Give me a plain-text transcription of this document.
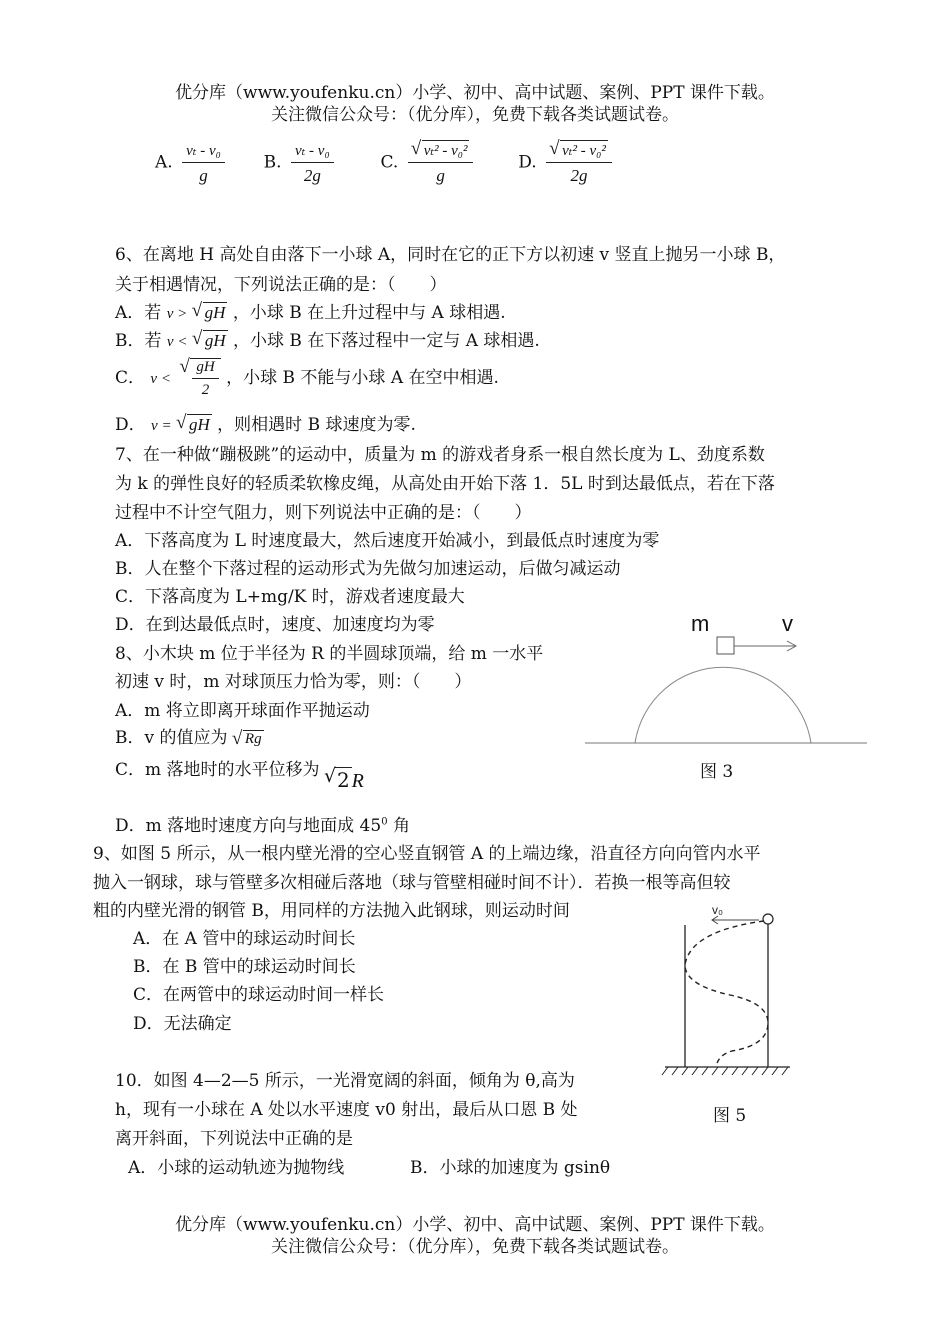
优分库（www.youfenku.cn）小学、初中、高中试题、案例、PPT 课件下载。
关注微信公众号：（优分库），免费下载各类试题试卷。
A. $\frac{\text{vₜ - v₀}}{g} B$. $\frac{\text{vₜ - v₀}}{2g}$	C. √ $\frac{\text{vₜ² - v₀²}}{g}$	D. √ $\frac{\text{vₜ² - v₀²}}{2g}$
6、在离地 H 高处自由落下一小球 A，同时在它的正下方以初速 v 竖直上抛另一小球 B，
关于相遇情况，下列说法正确的是：（　　）
A．若 v > √ gH ，小球 B 在上升过程中与 A 球相遇.
B．若 v < √ gH ，小球 B 在下落过程中一定与 A 球相遇.
C． v < √ $\frac{gH}{2}$ ，小球 B 不能与小球 A 在空中相遇.
D． v = √ gH ，则相遇时 B 球速度为零.
7、在一种做“蹦极跳”的运动中，质量为 m 的游戏者身系一根自然长度为 L、劲度系数
为 k 的弹性良好的轻质柔软橡皮绳，从高处由开始下落 1．5L 时到达最低点，若在下落
过程中不计空气阻力，则下列说法中正确的是：（　　）
A．下落高度为 L 时速度最大，然后速度开始减小，到最低点时速度为零
B．人在整个下落过程的运动形式为先做匀加速运动，后做匀减运动
C．下落高度为 L+mg/K 时，游戏者速度最大
D．在到达最低点时，速度、加速度均为零
8、小木块 m 位于半径为 R 的半圆球顶端，给 m 一水平
初速 v 时，m 对球顶压力恰为零，则：（　　）
A．m 将立即离开球面作平抛运动
B．v 的值应为 √ Rg
C．m 落地时的水平位移为 √ 2 R
D．m 落地时速度方向与地面成 $45^0$ 角
m	v
图 3
9、如图 5 所示，从一根内壁光滑的空心竖直钢管 A 的上端边缘，沿直径方向向管内水平
抛入一钢球，球与管壁多次相碰后落地（球与管壁相碰时间不计）．若换一根等高但较
粗的内壁光滑的钢管 B，用同样的方法抛入此钢球，则运动时间
A．在 A 管中的球运动时间长
B．在 B 管中的球运动时间长
C．在两管中的球运动时间一样长
D．无法确定
v₀
图 5
10．如图 4—2—5 所示，一光滑宽阔的斜面，倾角为 θ,高为
h，现有一小球在 A 处以水平速度 v0 射出，最后从口恩 B 处
离开斜面，下列说法中正确的是
A．小球的运动轨迹为抛物线	B．小球的加速度为 gsinθ
优分库（www.youfenku.cn）小学、初中、高中试题、案例、PPT 课件下载。
关注微信公众号：（优分库），免费下载各类试题试卷。
